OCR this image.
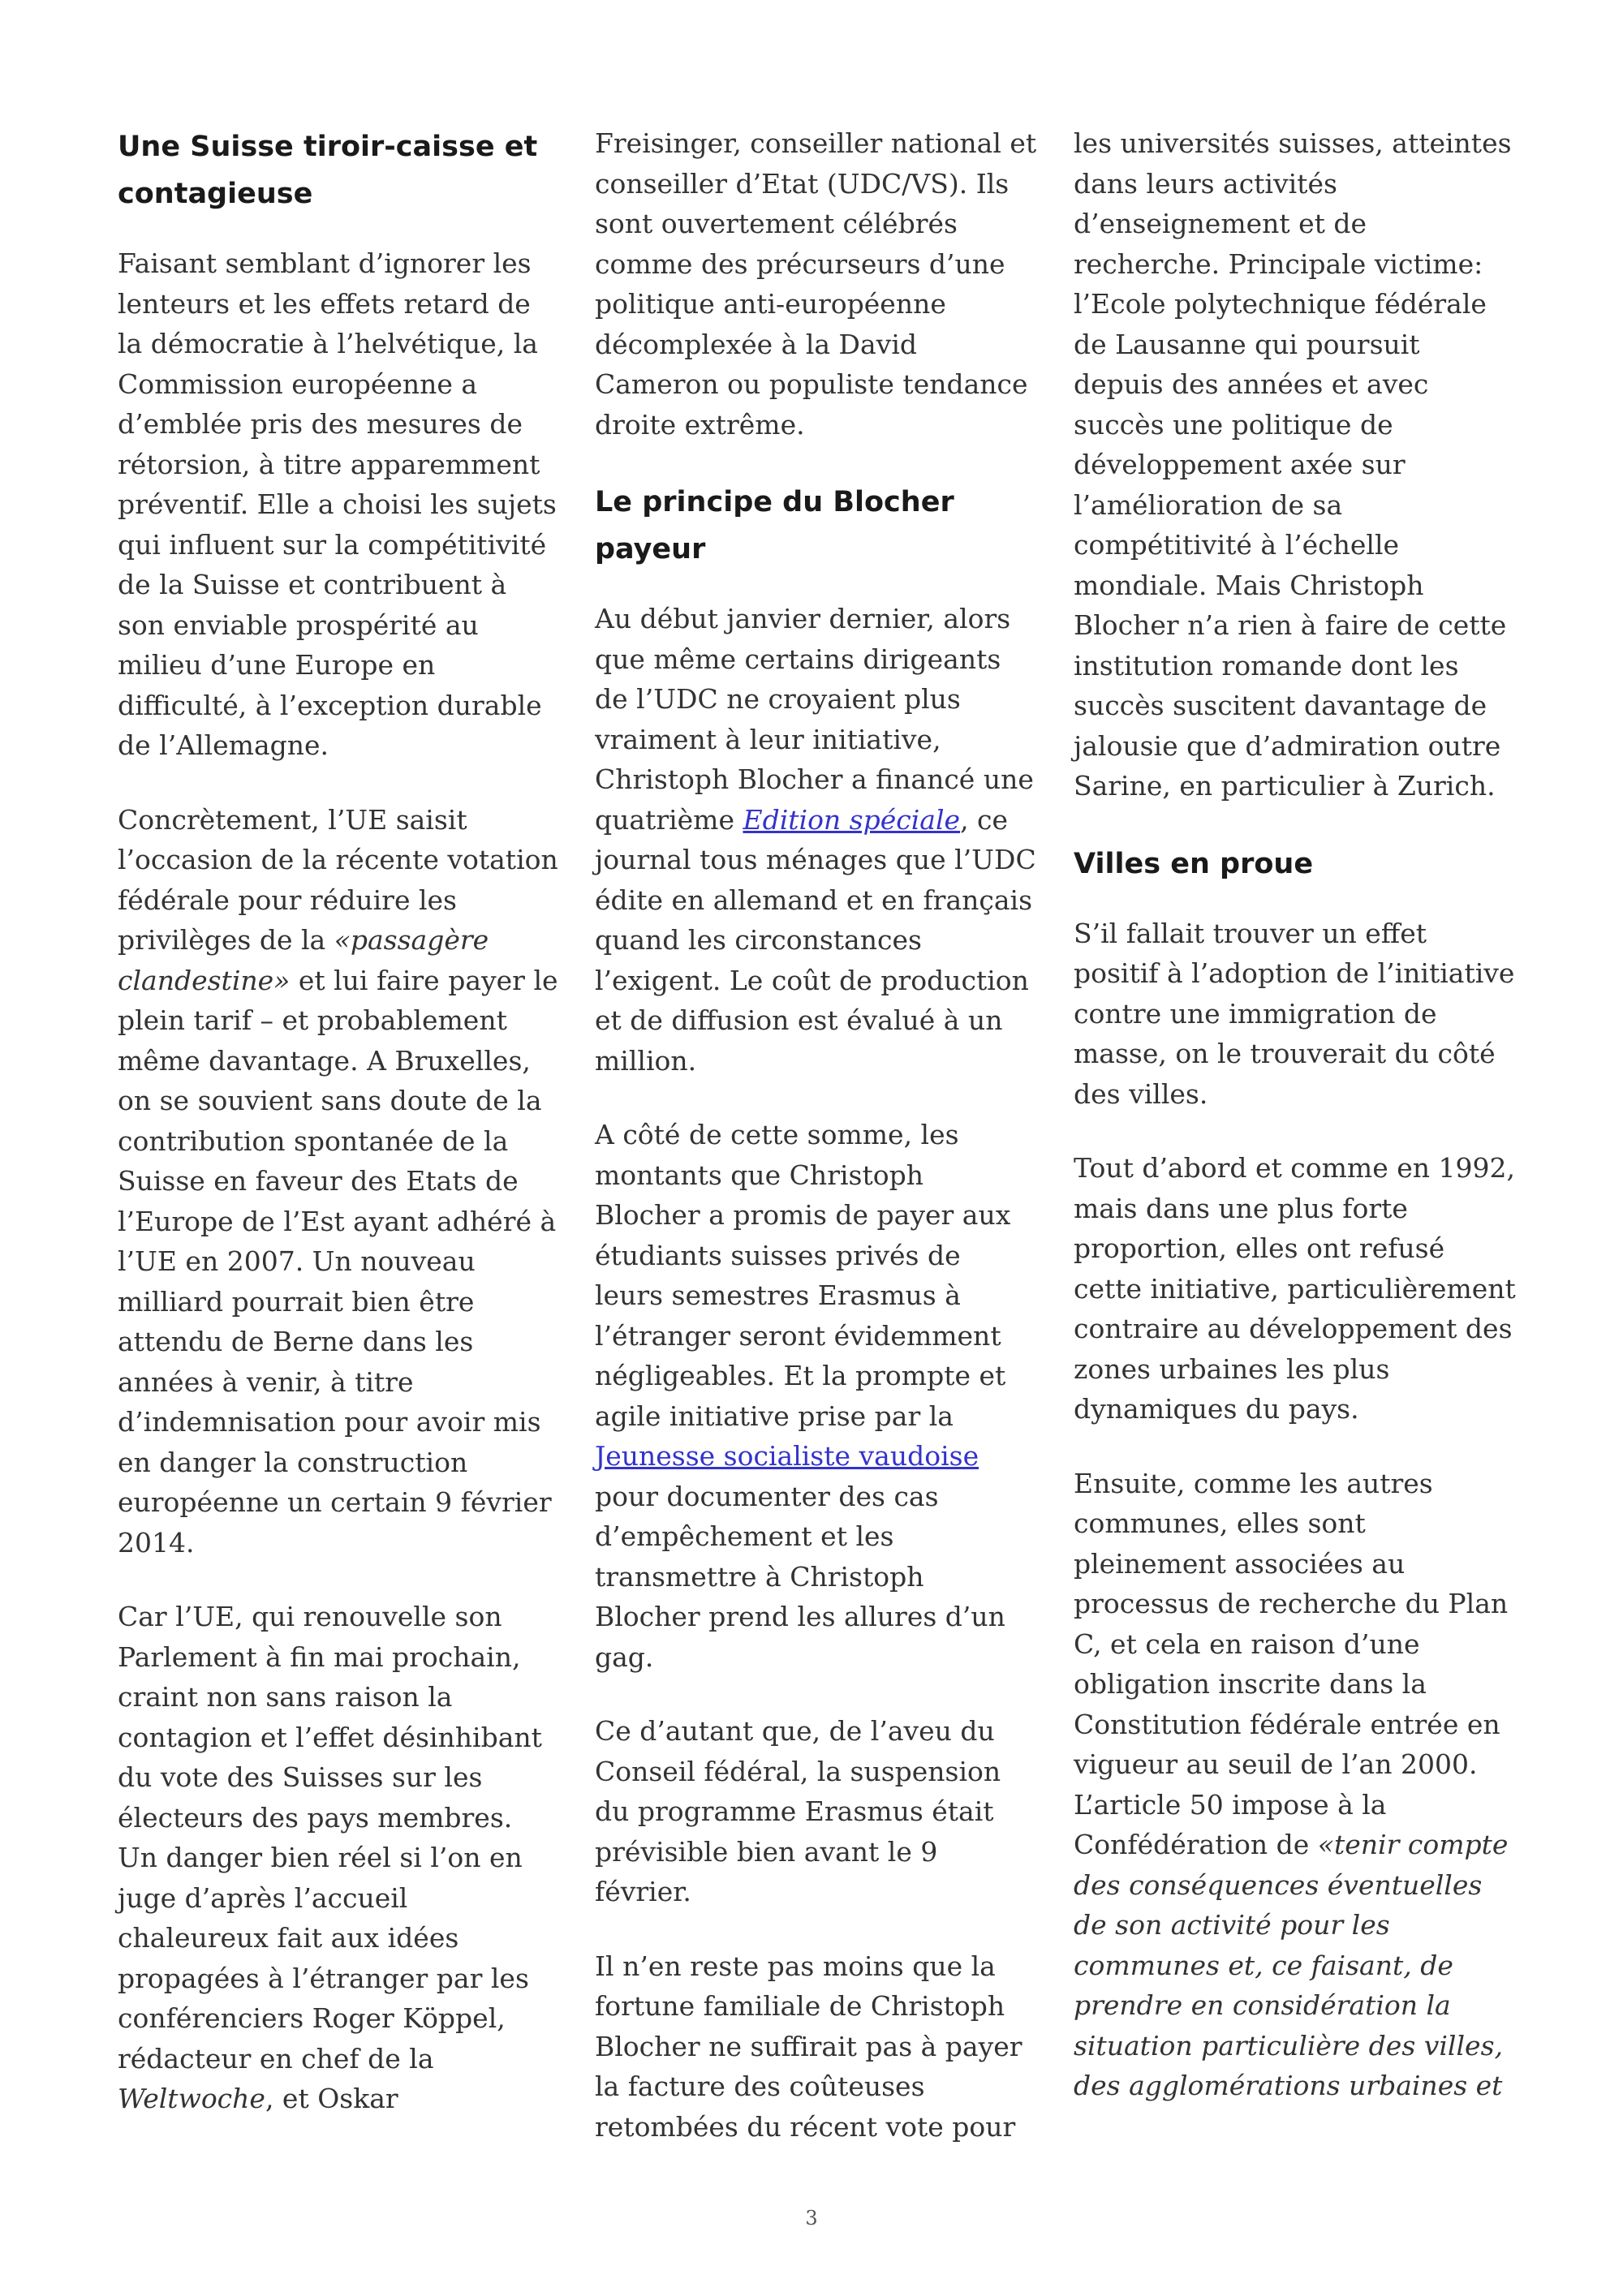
Une Suisse tiroir-caisse et contagieuse

Faisant semblant d’ignorer les lenteurs et les effets retard de la démocratie à l’helvétique, la Commission européenne a d’emblée pris des mesures de rétorsion, à titre apparemment préventif. Elle a choisi les sujets qui influent sur la compétitivité de la Suisse et contribuent à son enviable prospérité au milieu d’une Europe en difficulté, à l’exception durable de l’Allemagne.

Concrètement, l’UE saisit l’occasion de la récente votation fédérale pour réduire les privilèges de la «passagère clandestine» et lui faire payer le plein tarif – et probablement même davantage. A Bruxelles, on se souvient sans doute de la contribution spontanée de la Suisse en faveur des Etats de l’Europe de l’Est ayant adhéré à l’UE en 2007. Un nouveau milliard pourrait bien être attendu de Berne dans les années à venir, à titre d’indemnisation pour avoir mis en danger la construction européenne un certain 9 février 2014.

Car l’UE, qui renouvelle son Parlement à fin mai prochain, craint non sans raison la contagion et l’effet désinhibant du vote des Suisses sur les électeurs des pays membres. Un danger bien réel si l’on en juge d’après l’accueil chaleureux fait aux idées propagées à l’étranger par les conférenciers Roger Köppel, rédacteur en chef de la Weltwoche, et Oskar

Freisinger, conseiller national et conseiller d’Etat (UDC/VS). Ils sont ouvertement célébrés comme des précurseurs d’une politique anti-européenne décomplexée à la David Cameron ou populiste tendance droite extrême.

Le principe du Blocher payeur

Au début janvier dernier, alors que même certains dirigeants de l’UDC ne croyaient plus vraiment à leur initiative, Christoph Blocher a financé une quatrième Edition spéciale, ce journal tous ménages que l’UDC édite en allemand et en français quand les circonstances l’exigent. Le coût de production et de diffusion est évalué à un million.

A côté de cette somme, les montants que Christoph Blocher a promis de payer aux étudiants suisses privés de leurs semestres Erasmus à l’étranger seront évidemment négligeables. Et la prompte et agile initiative prise par la Jeunesse socialiste vaudoise pour documenter des cas d’empêchement et les transmettre à Christoph Blocher prend les allures d’un gag.

Ce d’autant que, de l’aveu du Conseil fédéral, la suspension du programme Erasmus était prévisible bien avant le 9 février.

Il n’en reste pas moins que la fortune familiale de Christoph Blocher ne suffirait pas à payer la facture des coûteuses retombées du récent vote pour

les universités suisses, atteintes dans leurs activités d’enseignement et de recherche. Principale victime: l’Ecole polytechnique fédérale de Lausanne qui poursuit depuis des années et avec succès une politique de développement axée sur l’amélioration de sa compétitivité à l’échelle mondiale. Mais Christoph Blocher n’a rien à faire de cette institution romande dont les succès suscitent davantage de jalousie que d’admiration outre Sarine, en particulier à Zurich.

Villes en proue

S’il fallait trouver un effet positif à l’adoption de l’initiative contre une immigration de masse, on le trouverait du côté des villes.

Tout d’abord et comme en 1992, mais dans une plus forte proportion, elles ont refusé cette initiative, particulièrement contraire au développement des zones urbaines les plus dynamiques du pays.

Ensuite, comme les autres communes, elles sont pleinement associées au processus de recherche du Plan C, et cela en raison d’une obligation inscrite dans la Constitution fédérale entrée en vigueur au seuil de l’an 2000. L’article 50 impose à la Confédération de «tenir compte des conséquences éventuelles de son activité pour les communes et, ce faisant, de prendre en considération la situation particulière des villes, des agglomérations urbaines et

3
